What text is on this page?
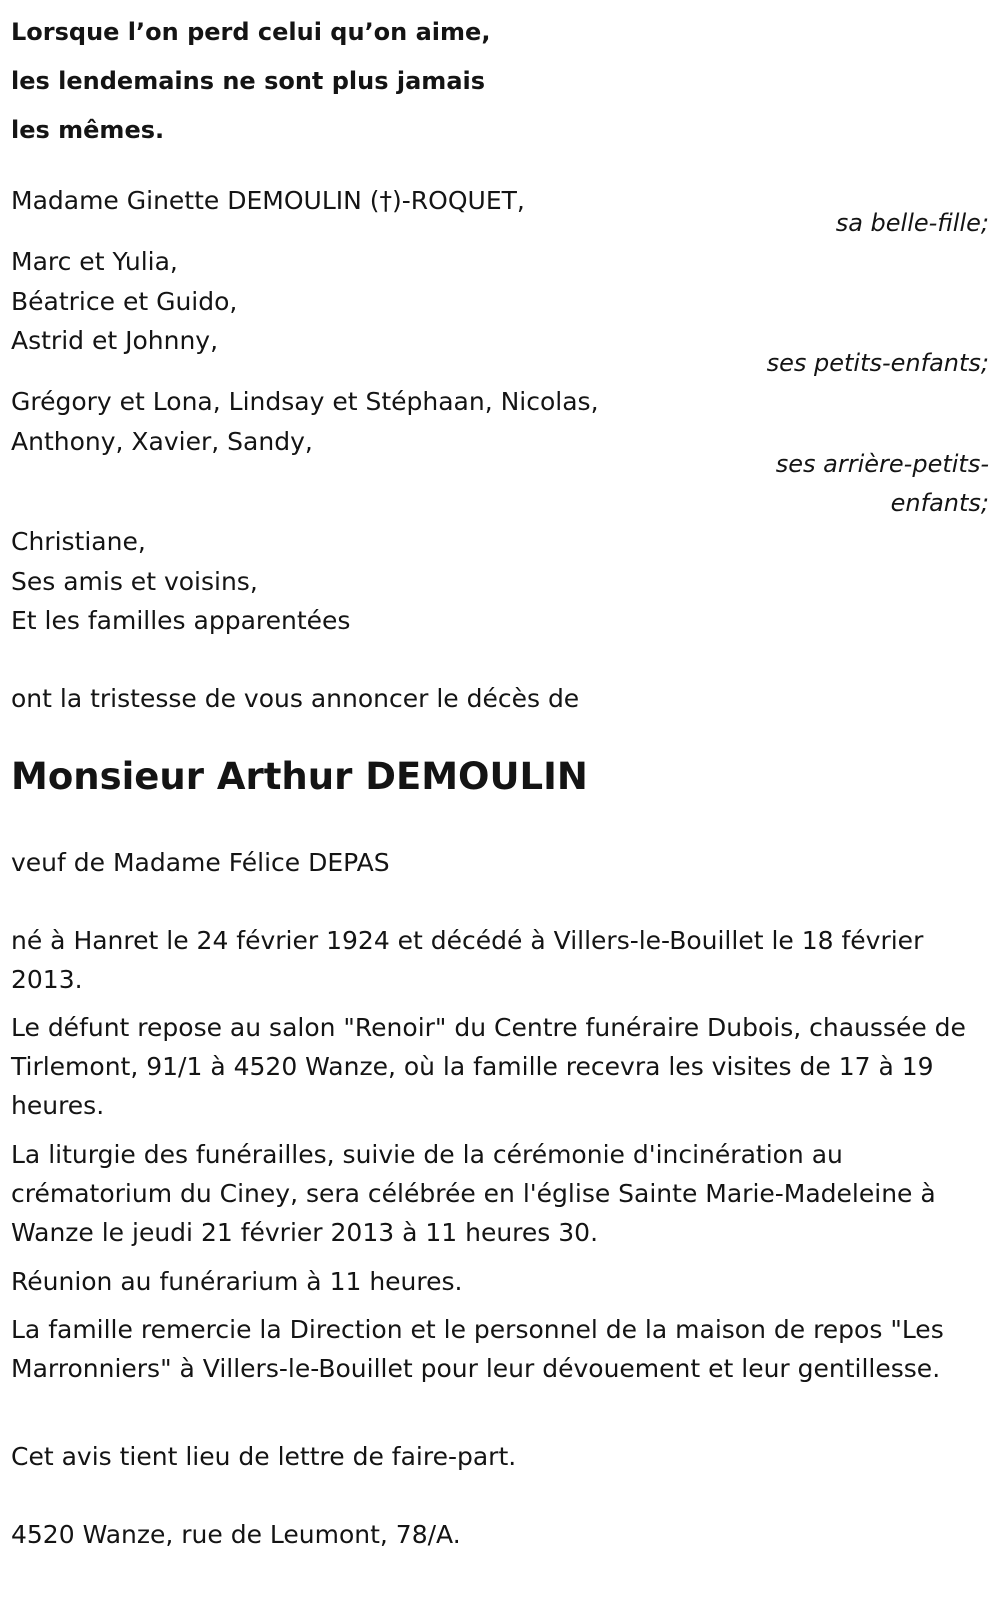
Lorsque l’on perd celui qu’on aime,
les lendemains ne sont plus jamais
les mêmes.
Madame Ginette DEMOULIN (†)-ROQUET,
sa belle-fille;
Marc et Yulia,
Béatrice et Guido,
Astrid et Johnny,
ses petits-enfants;
Grégory et Lona, Lindsay et Stéphaan, Nicolas,
Anthony, Xavier, Sandy,
ses arrière-petits-
enfants;
Christiane,
Ses amis et voisins,
Et les familles apparentées
ont la tristesse de vous annoncer le décès de
Monsieur Arthur DEMOULIN
veuf de Madame Félice DEPAS
né à Hanret le 24 février 1924 et décédé à Villers-le-Bouillet le 18 février 2013.
Le défunt repose au salon "Renoir" du Centre funéraire Dubois, chaussée de Tirlemont, 91/1 à 4520 Wanze, où la famille recevra les visites de 17 à 19 heures.
La liturgie des funérailles, suivie de la cérémonie d'incinération au crématorium du Ciney, sera célébrée en l'église Sainte Marie-Madeleine à Wanze le jeudi 21 février 2013 à 11 heures 30.
Réunion au funérarium à 11 heures.
La famille remercie la Direction et le personnel de la maison de repos "Les Marronniers" à Villers-le-Bouillet pour leur dévouement et leur gentillesse.
Cet avis tient lieu de lettre de faire-part.
4520 Wanze, rue de Leumont, 78/A.
